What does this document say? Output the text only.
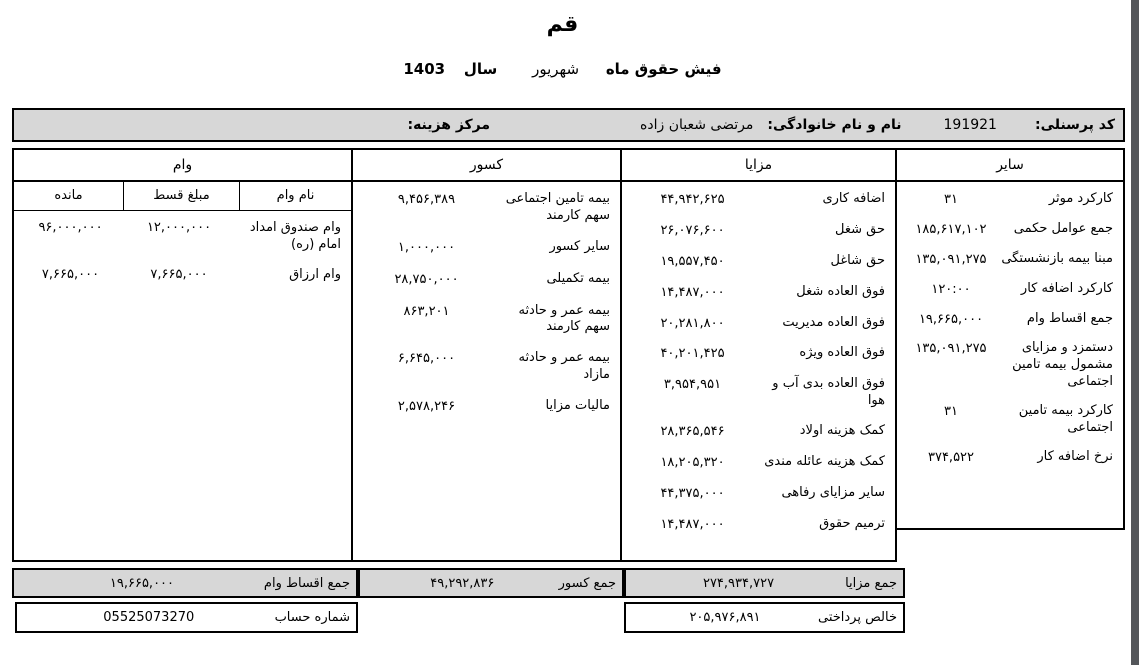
قم
فیش حقوق ماه شهریور سال 1403
کد پرسنلی:
191921
نام و نام خانوادگی:
مرتضی شعبان زاده
مرکز هزینه:
وام
نام وام
مبلغ قسط
مانده
وام صندوق امداد امام (ره)
۱۲,۰۰۰,۰۰۰
۹۶,۰۰۰,۰۰۰
وام ارزاق
۷,۶۶۵,۰۰۰
۷,۶۶۵,۰۰۰
کسور
بیمه تامین اجتماعی سهم کارمند
۹,۴۵۶,۳۸۹
سایر کسور
۱,۰۰۰,۰۰۰
بیمه تکمیلی
۲۸,۷۵۰,۰۰۰
بیمه عمر و حادثه سهم کارمند
۸۶۳,۲۰۱
بیمه عمر و حادثه مازاد
۶,۶۴۵,۰۰۰
مالیات مزایا
۲,۵۷۸,۲۴۶
مزایا
اضافه کاری
۴۴,۹۴۲,۶۲۵
حق شغل
۲۶,۰۷۶,۶۰۰
حق شاغل
۱۹,۵۵۷,۴۵۰
فوق العاده شغل
۱۴,۴۸۷,۰۰۰
فوق العاده مدیریت
۲۰,۲۸۱,۸۰۰
فوق العاده ویژه
۴۰,۲۰۱,۴۲۵
فوق العاده بدی آب و هوا
۳,۹۵۴,۹۵۱
کمک هزینه اولاد
۲۸,۳۶۵,۵۴۶
کمک هزینه عائله مندی
۱۸,۲۰۵,۳۲۰
سایر مزایای رفاهی
۴۴,۳۷۵,۰۰۰
ترمیم حقوق
۱۴,۴۸۷,۰۰۰
سایر
کارکرد موثر
۳۱
جمع عوامل حکمی
۱۸۵,۶۱۷,۱۰۲
مبنا بیمه بازنشستگی
۱۳۵,۰۹۱,۲۷۵
کارکرد اضافه کار
۱۲۰:۰۰
جمع اقساط وام
۱۹,۶۶۵,۰۰۰
دستمزد و مزایای مشمول بیمه تامین اجتماعی
۱۳۵,۰۹۱,۲۷۵
کارکرد بیمه تامین اجتماعی
۳۱
نرخ اضافه کار
۳۷۴,۵۲۲
جمع اقساط وام
۱۹,۶۶۵,۰۰۰	جمع کسور
۴۹,۲۹۲,۸۳۶	جمع مزایا
۲۷۴,۹۳۴,۷۲۷
خالص پرداختی
۲۰۵,۹۷۶,۸۹۱
شماره حساب
05525073270
